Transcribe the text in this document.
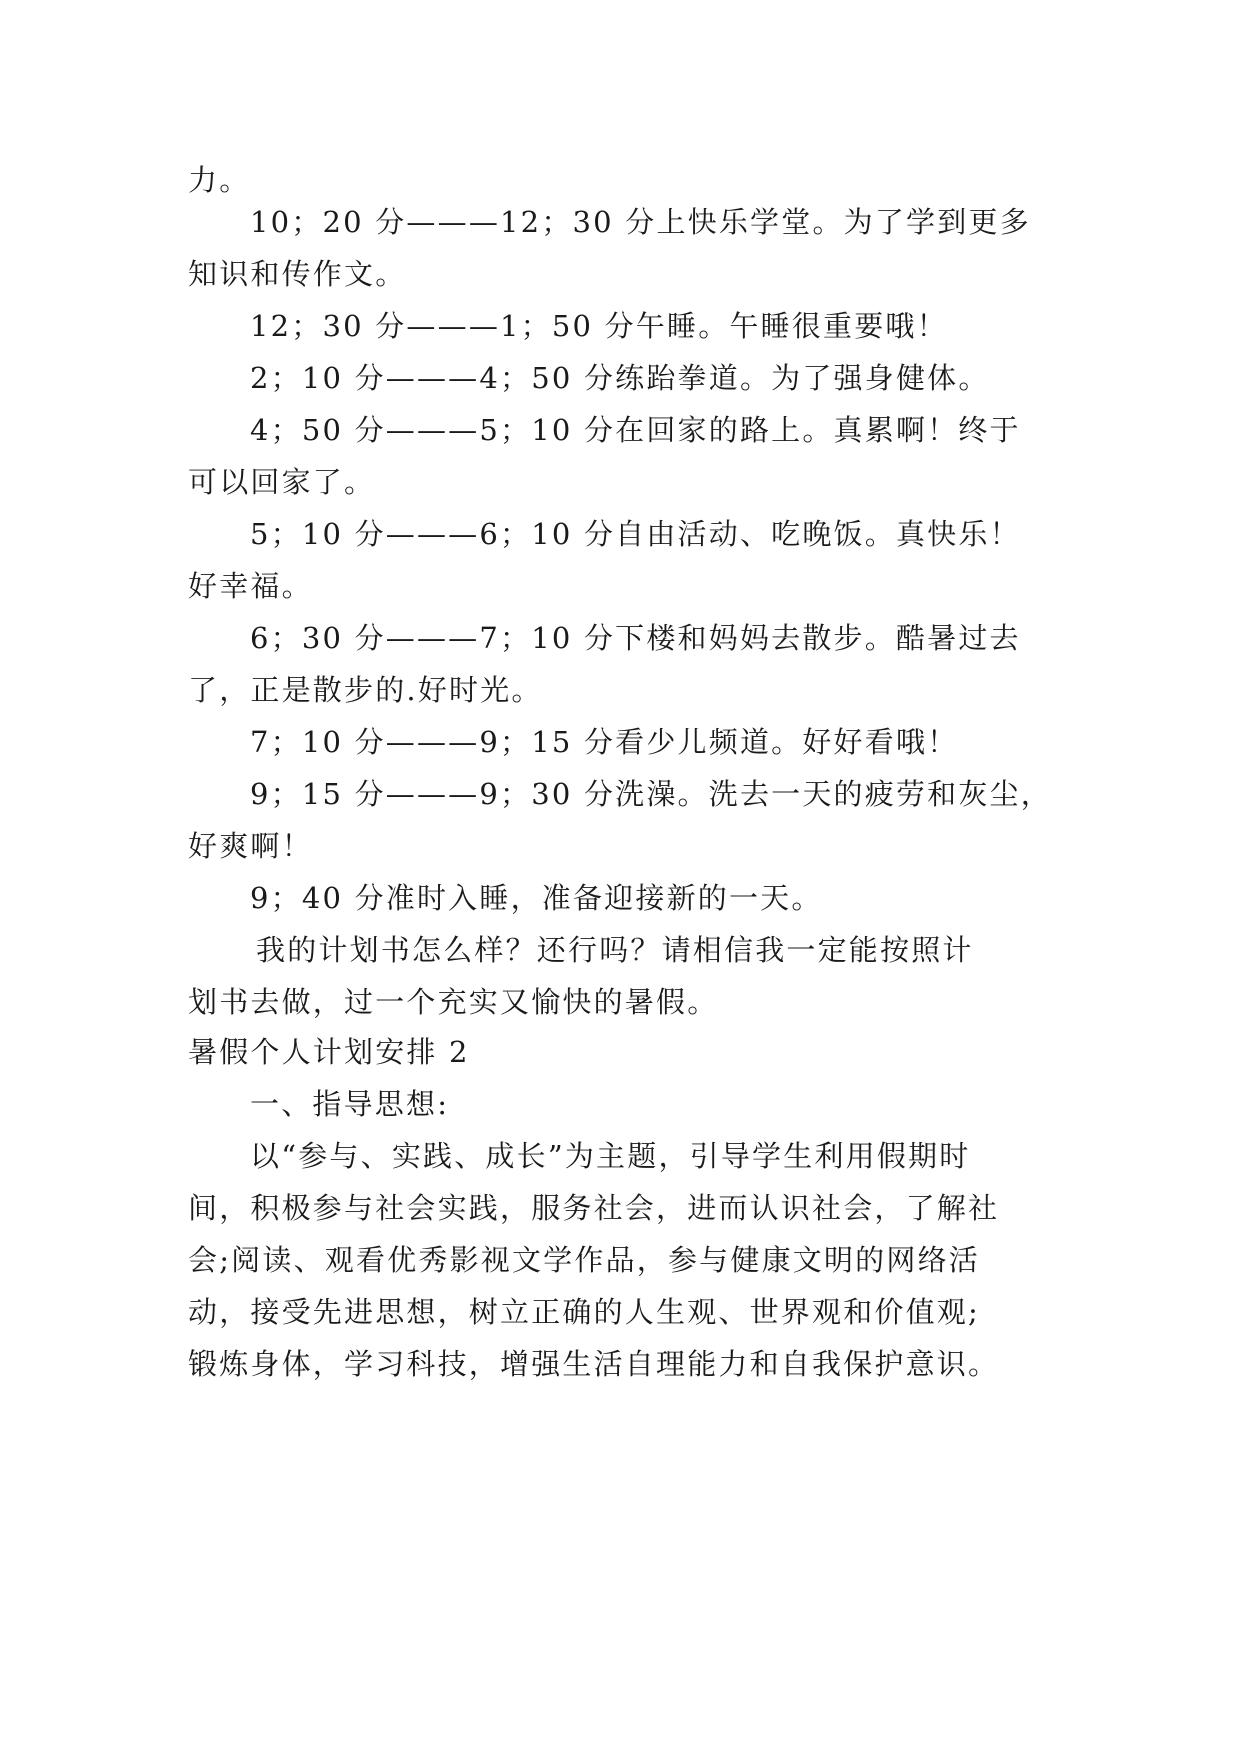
力。
10；20 分———12；30 分上快乐学堂。为了学到更多
知识和传作文。
12；30 分———1；50 分午睡。午睡很重要哦！
2；10 分———4；50 分练跆拳道。为了强身健体。
4；50 分———5；10 分在回家的路上。真累啊！终于
可以回家了。
5；10 分———6；10 分自由活动、吃晚饭。真快乐！
好幸福。
6；30 分———7；10 分下楼和妈妈去散步。酷暑过去
了，正是散步的.好时光。
7；10 分———9；15 分看少儿频道。好好看哦！
9；15 分———9；30 分洗澡。洗去一天的疲劳和灰尘，
好爽啊！
9；40 分准时入睡，准备迎接新的一天。
我的计划书怎么样？还行吗？请相信我一定能按照计
划书去做，过一个充实又愉快的暑假。
暑假个人计划安排 2
一、指导思想:
以“参与、实践、成长”为主题，引导学生利用假期时
间，积极参与社会实践，服务社会，进而认识社会，了解社
会;阅读、观看优秀影视文学作品，参与健康文明的网络活
动，接受先进思想，树立正确的人生观、世界观和价值观;
锻炼身体，学习科技，增强生活自理能力和自我保护意识。
